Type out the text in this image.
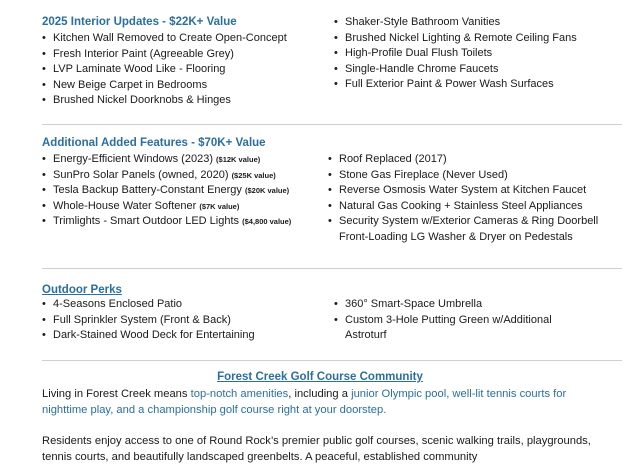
2025 Interior Updates - $22K+ Value

• Kitchen Wall Removed to Create Open-Concept
• Fresh Interior Paint (Agreeable Grey)
• LVP Laminate Wood Like - Flooring
• New Beige Carpet in Bedrooms
• Brushed Nickel Doorknobs & Hinges
• Shaker-Style Bathroom Vanities
• Brushed Nickel Lighting & Remote Ceiling Fans
• High-Profile Dual Flush Toilets
• Single-Handle Chrome Faucets
• Full Exterior Paint & Power Wash Surfaces

Additional Added Features - $70K+ Value

• Energy-Efficient Windows (2023) ($12K value)
• SunPro Solar Panels (owned, 2020) ($25K value)
• Tesla Backup Battery-Constant Energy ($20K value)
• Whole-House Water Softener ($7K value)
• Trimlights - Smart Outdoor LED Lights ($4,800 value)
• Roof Replaced (2017)
• Stone Gas Fireplace (Never Used)
• Reverse Osmosis Water System at Kitchen Faucet
• Natural Gas Cooking + Stainless Steel Appliances
• Security System w/Exterior Cameras & Ring Doorbell
Front-Loading LG Washer & Dryer on Pedestals

Outdoor Perks

• 4-Seasons Enclosed Patio
• Full Sprinkler System (Front & Back)
• Dark-Stained Wood Deck for Entertaining
• 360° Smart-Space Umbrella
• Custom 3-Hole Putting Green w/Additional
Astroturf
Forest Creek Golf Course Community
Living in Forest Creek means top-notch amenities, including a junior Olympic pool, well-lit tennis courts for nighttime play, and a championship golf course right at your doorstep.
Residents enjoy access to one of Round Rock’s premier public golf courses, scenic walking trails, playgrounds, tennis courts, and beautifully landscaped greenbelts. A peaceful, established community
